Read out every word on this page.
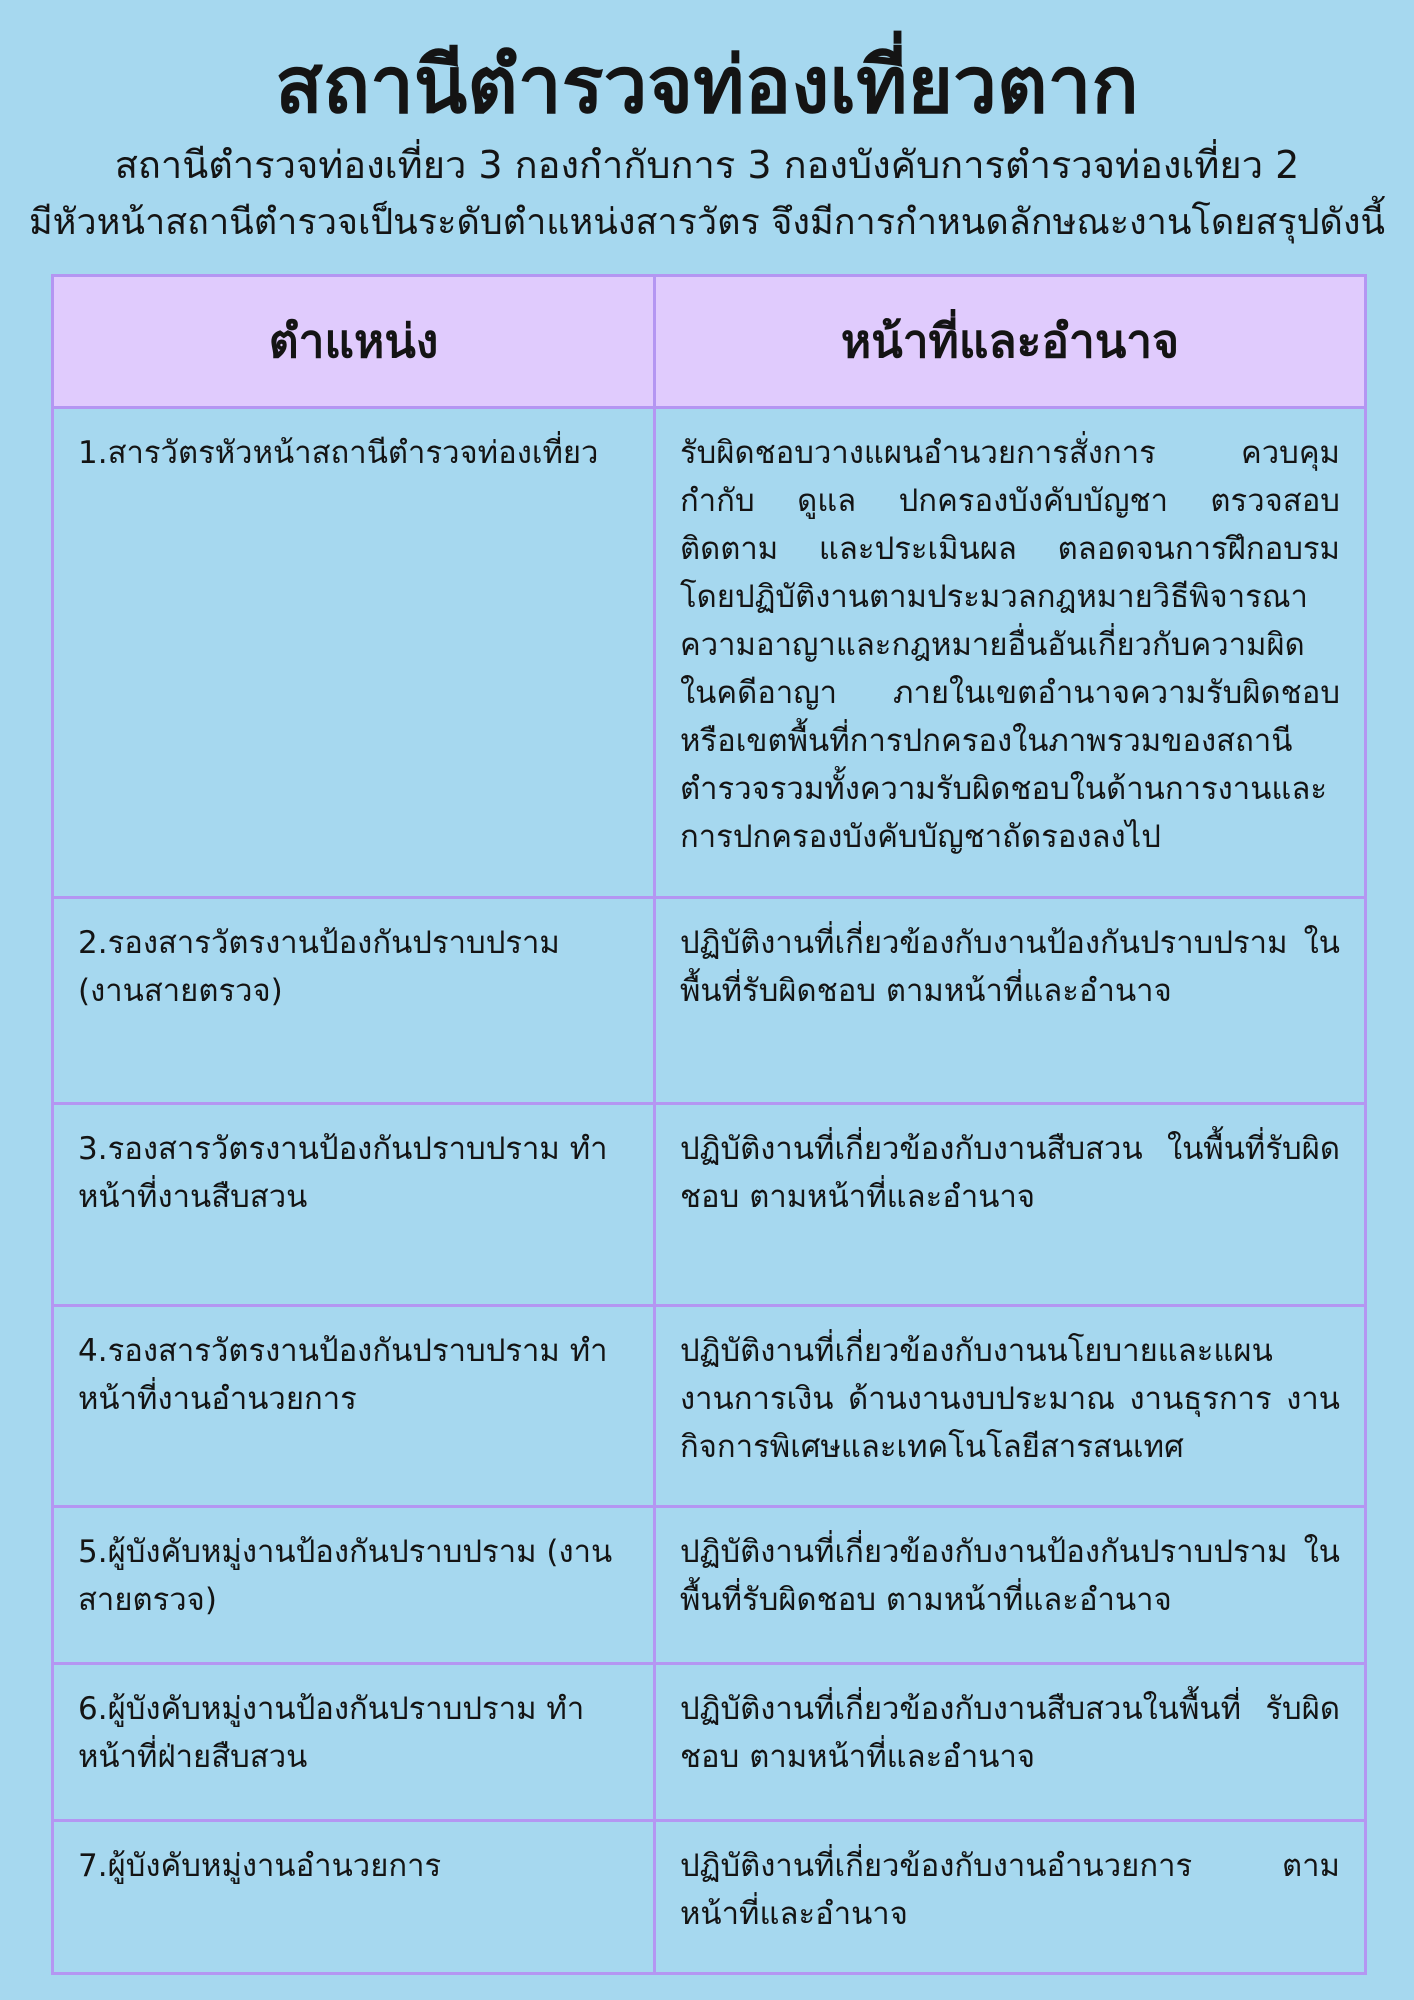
สถานีตำรวจท่องเที่ยวตาก

สถานีตำรวจท่องเที่ยว 3 กองกำกับการ 3 กองบังคับการตำรวจท่องเที่ยว 2

มีหัวหน้าสถานีตำรวจเป็นระดับตำแหน่งสารวัตร จึงมีการกำหนดลักษณะงานโดยสรุปดังนี้

ตำแหน่ง	หน้าที่และอำนาจ
1.สารวัตรหัวหน้าสถานีตำรวจท่องเที่ยว	รับผิดชอบวางแผนอำนวยการสั่งการ ควบคุม กำกับ ดูแล ปกครองบังคับบัญชา ตรวจสอบ ติดตาม และประเมินผล ตลอดจนการฝึกอบรม โดยปฏิบัติงานตามประมวลกฎหมายวิธีพิจารณาความอาญาและกฎหมายอื่นอันเกี่ยวกับความผิดในคดีอาญา ภายในเขตอำนาจความรับผิดชอบหรือเขตพื้นที่การปกครองในภาพรวมของสถานีตำรวจรวมทั้งความรับผิดชอบในด้านการงานและการปกครองบังคับบัญชาถัดรองลงไป
2.รองสารวัตรงานป้องกันปราบปราม (งานสายตรวจ)	ปฏิบัติงานที่เกี่ยวข้องกับงานป้องกันปราบปราม ในพื้นที่รับผิดชอบ ตามหน้าที่และอำนาจ
3.รองสารวัตรงานป้องกันปราบปราม ทำหน้าที่งานสืบสวน	ปฏิบัติงานที่เกี่ยวข้องกับงานสืบสวน ในพื้นที่รับผิดชอบ ตามหน้าที่และอำนาจ
4.รองสารวัตรงานป้องกันปราบปราม ทำหน้าที่งานอำนวยการ	ปฏิบัติงานที่เกี่ยวข้องกับงานนโยบายและแผน งานการเงิน ด้านงานงบประมาณ งานธุรการ งานกิจการพิเศษและเทคโนโลยีสารสนเทศ
5.ผู้บังคับหมู่งานป้องกันปราบปราม (งานสายตรวจ)	ปฏิบัติงานที่เกี่ยวข้องกับงานป้องกันปราบปราม ในพื้นที่รับผิดชอบ ตามหน้าที่และอำนาจ
6.ผู้บังคับหมู่งานป้องกันปราบปราม ทำหน้าที่ฝ่ายสืบสวน	ปฏิบัติงานที่เกี่ยวข้องกับงานสืบสวนในพื้นที่ รับผิดชอบ ตามหน้าที่และอำนาจ
7.ผู้บังคับหมู่งานอำนวยการ	ปฏิบัติงานที่เกี่ยวข้องกับงานอำนวยการ ตาม หน้าที่และอำนาจ
